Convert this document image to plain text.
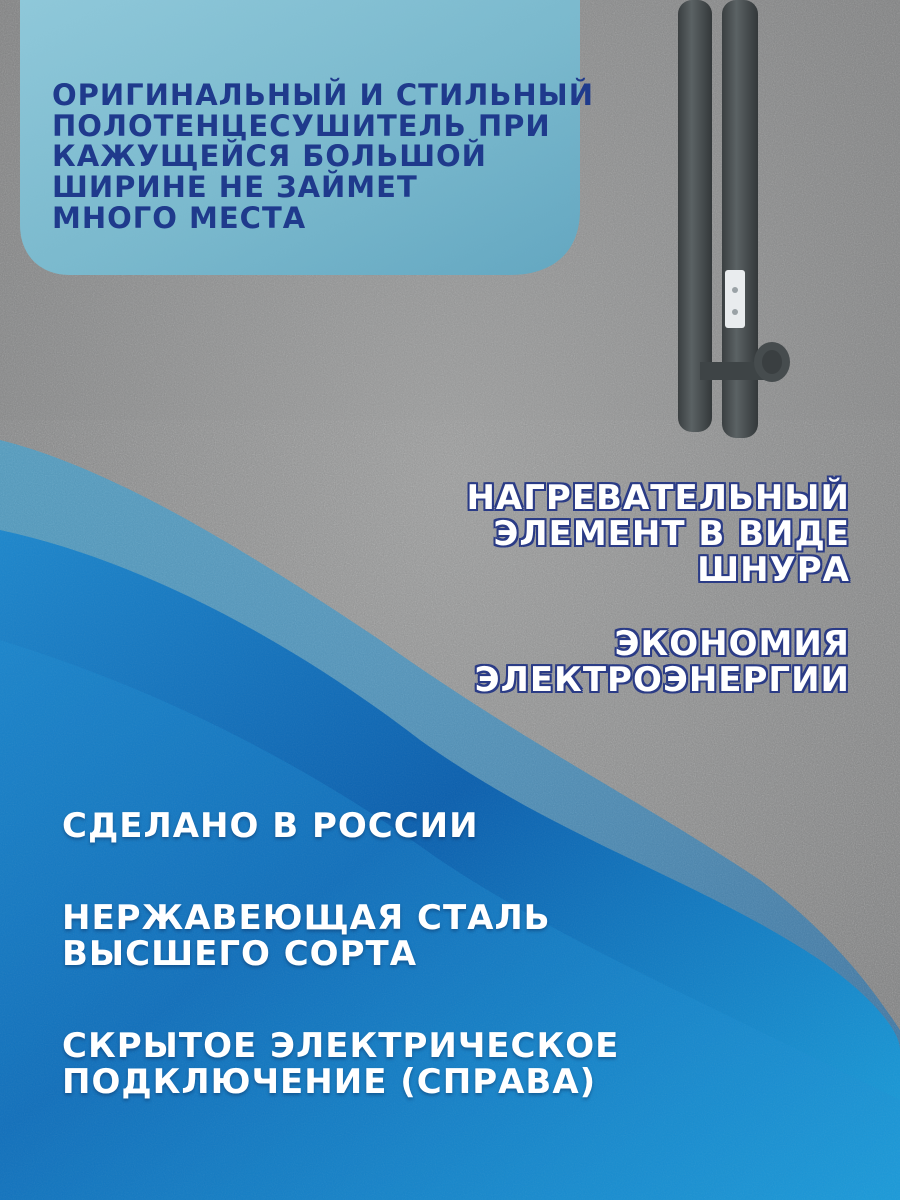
ОРИГИНАЛЬНЫЙ И СТИЛЬНЫЙ
ПОЛОТЕНЦЕСУШИТЕЛЬ ПРИ
КАЖУЩЕЙСЯ БОЛЬШОЙ
ШИРИНЕ НЕ ЗАЙМЕТ
МНОГО МЕСТА
НАГРЕВАТЕЛЬНЫЙ
ЭЛЕМЕНТ В ВИДЕ
ШНУРА
ЭКОНОМИЯ
ЭЛЕКТРОЭНЕРГИИ
СДЕЛАНО В РОССИИ
НЕРЖАВЕЮЩАЯ СТАЛЬ
ВЫСШЕГО СОРТА
СКРЫТОЕ ЭЛЕКТРИЧЕСКОЕ
ПОДКЛЮЧЕНИЕ (СПРАВА)
